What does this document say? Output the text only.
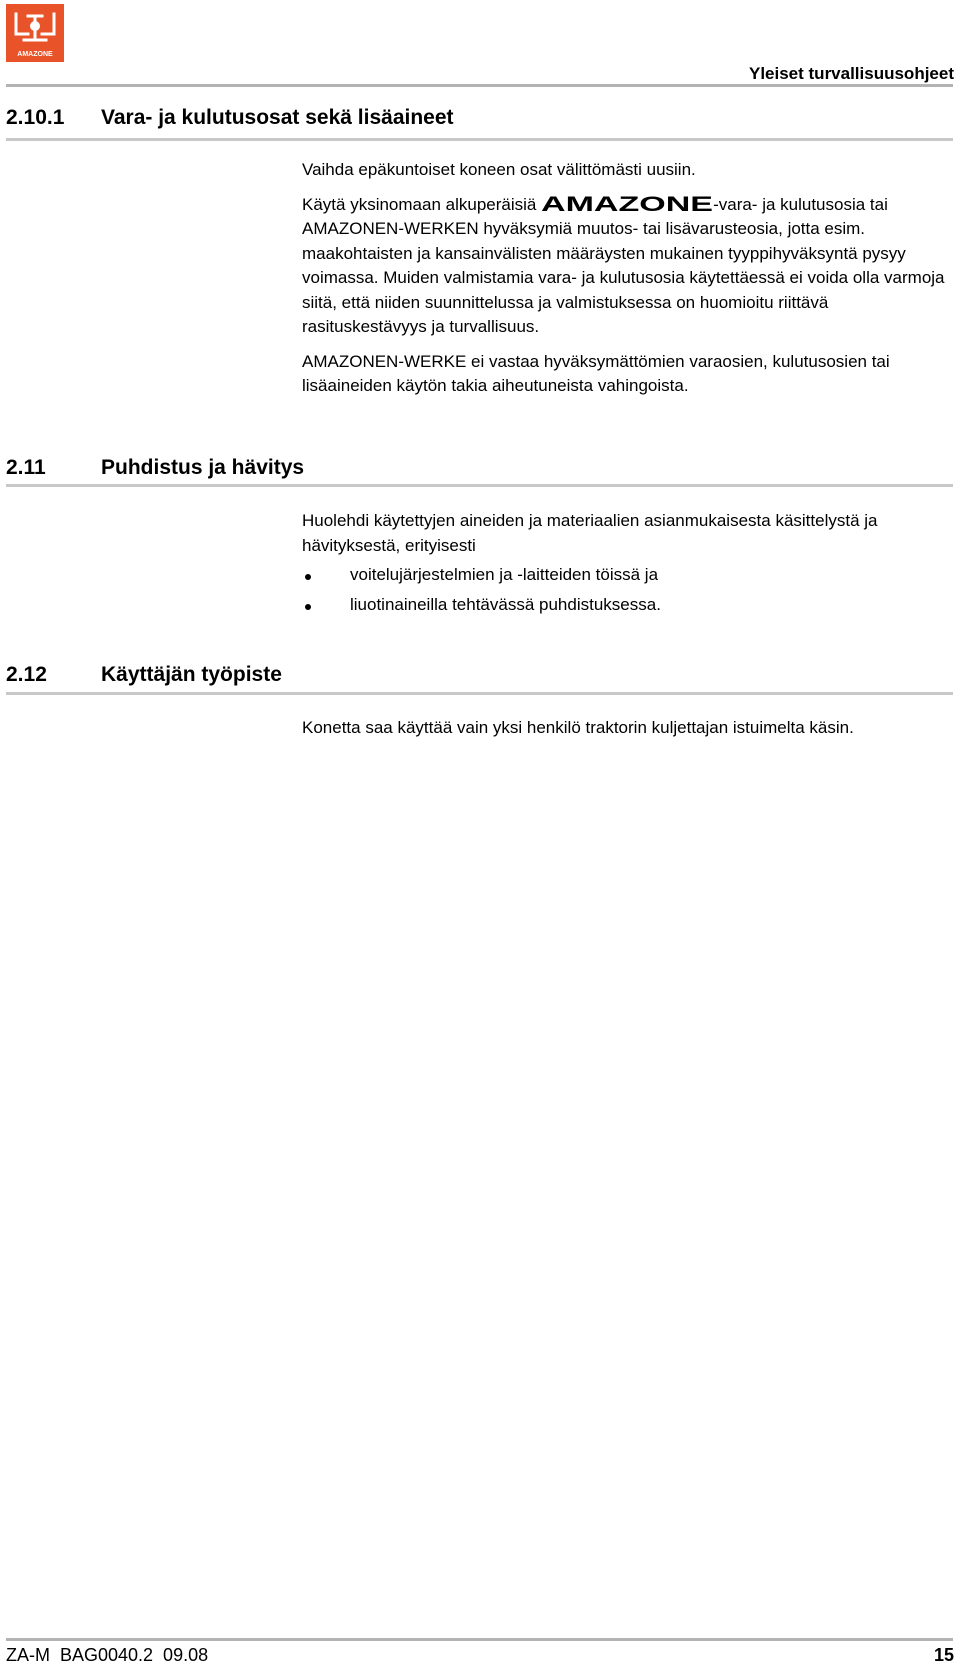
AMAZONE
Yleiset turvallisuusohjeet
2.10.1 Vara- ja kulutusosat sekä lisäaineet

Vaihda epäkuntoiset koneen osat välittömästi uusiin.

Käytä yksinomaan alkuperäisiä AMAZONE -vara- ja kulutusosia tai AMAZONEN-WERKEN hyväksymiä muutos- tai lisävarusteosia, jotta esim. maakohtaisten ja kansainvälisten määräysten mukainen tyyppihyväksyntä pysyy voimassa. Muiden valmistamia vara- ja kulutusosia käytettäessä ei voida olla varmoja siitä, että niiden suunnittelussa ja valmistuksessa on huomioitu riittävä rasituskestävyys ja turvallisuus.

AMAZONEN-WERKE ei vastaa hyväksymättömien varaosien, kulutusosien tai lisäaineiden käytön takia aiheutuneista vahingoista.

2.11	Puhdistus ja hävitys

Huolehdi käytettyjen aineiden ja materiaalien asianmukaisesta käsittelystä ja hävityksestä, erityisesti

voitelujärjestelmien ja -laitteiden töissä ja
liuotinaineilla tehtävässä puhdistuksessa.
2.12	Käyttäjän työpiste

Konetta saa käyttää vain yksi henkilö traktorin kuljettajan istuimelta käsin.

ZA-M  BAG0040.2  09.08	15
